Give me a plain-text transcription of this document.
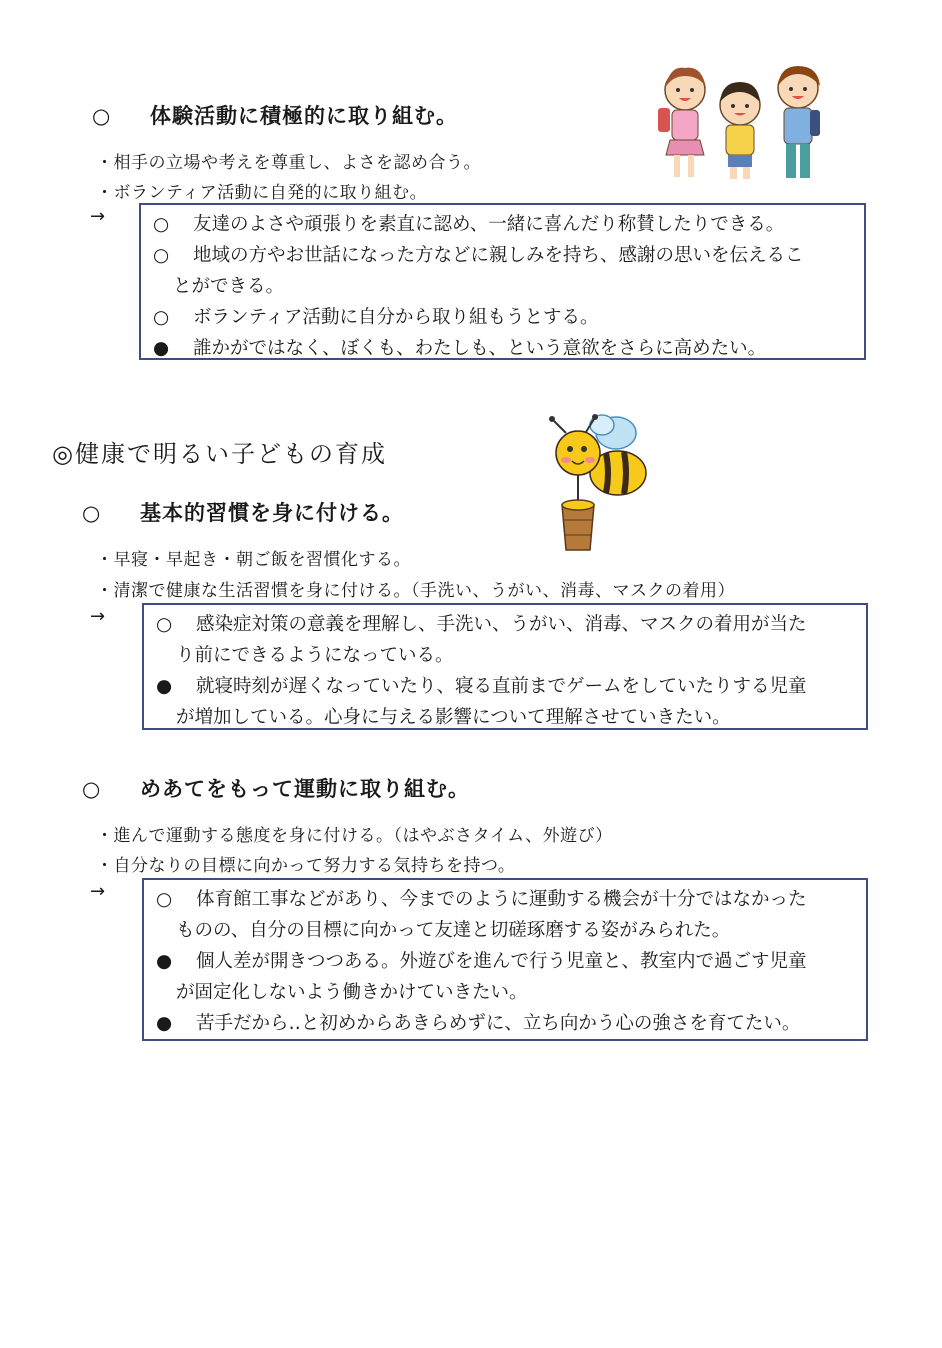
○ 体験活動に積極的に取り組む。
・相手の立場や考えを尊重し、よさを認め合う。
・ボランティア活動に自発的に取り組む。
→	○	友達のよさや頑張りを素直に認め、一緒に喜んだり称賛したりできる。
○	地域の方やお世話になった方などに親しみを持ち、感謝の思いを伝えるこ
とができる。
○	ボランティア活動に自分から取り組もうとする。
●	誰かがではなく、ぼくも、わたしも、という意欲をさらに高めたい。
◎健康で明るい子どもの育成
○ 基本的習慣を身に付ける。
・早寝・早起き・朝ご飯を習慣化する。
・清潔で健康な生活習慣を身に付ける。（手洗い、うがい、消毒、マスクの着用）
→	○	感染症対策の意義を理解し、手洗い、うがい、消毒、マスクの着用が当た
り前にできるようになっている。
●	就寝時刻が遅くなっていたり、寝る直前までゲームをしていたりする児童
が増加している。心身に与える影響について理解させていきたい。
○ めあてをもって運動に取り組む。
・進んで運動する態度を身に付ける。（はやぶさタイム、外遊び）
・自分なりの目標に向かって努力する気持ちを持つ。
→	○	体育館工事などがあり、今までのように運動する機会が十分ではなかった
ものの、自分の目標に向かって友達と切磋琢磨する姿がみられた。
●	個人差が開きつつある。外遊びを進んで行う児童と、教室内で過ごす児童
が固定化しないよう働きかけていきたい。
●	苦手だから‥と初めからあきらめずに、立ち向かう心の強さを育てたい。
